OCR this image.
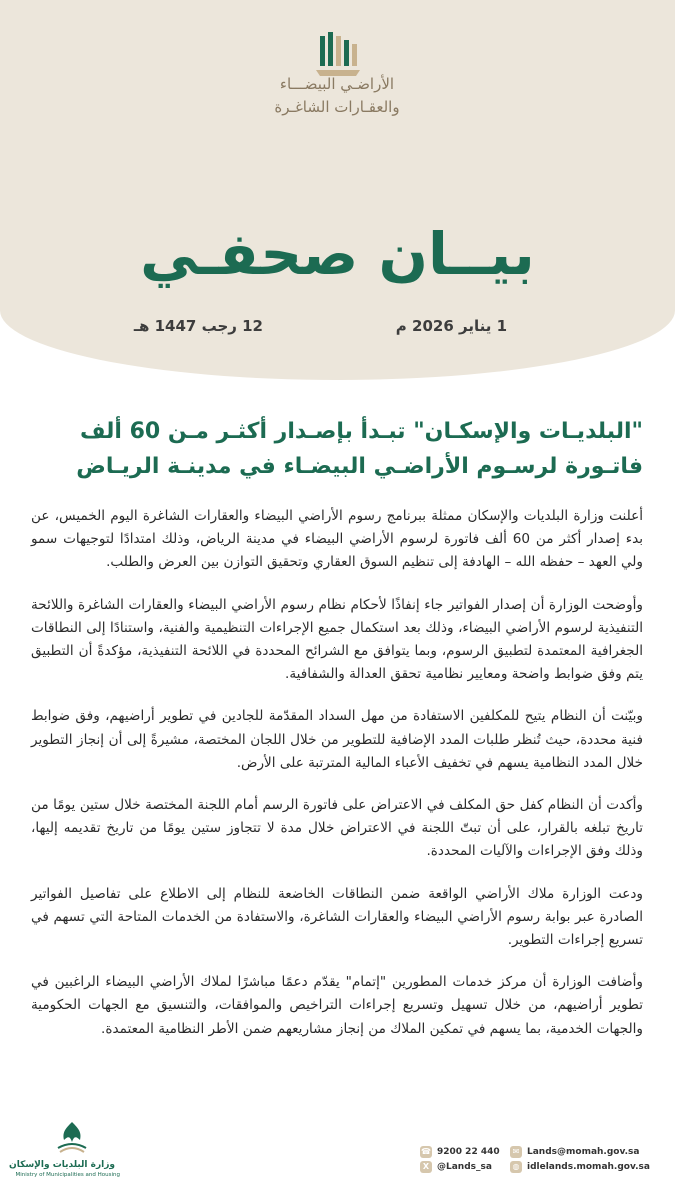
الأراضـي البيضـــاء
والعقـارات الشاغـرة
بيــان صحفـي
1 يناير 2026 م
12 رجب 1447 هـ
"البلديـات والإسكـان" تبـدأ بإصـدار أكثـر مـن 60 ألف
فاتـورة لرسـوم الأراضـي البيضـاء في مدينـة الريـاض

أعلنت وزارة البلديات والإسكان ممثلة ببرنامج رسوم الأراضي البيضاء والعقارات الشاغرة اليوم الخميس، عن بدء إصدار أكثر من 60 ألف فاتورة لرسوم الأراضي البيضاء في مدينة الرياض، وذلك امتدادًا لتوجيهات سمو ولي العهد – حفظه الله – الهادفة إلى تنظيم السوق العقاري وتحقيق التوازن بين العرض والطلب.

وأوضحت الوزارة أن إصدار الفواتير جاء إنفاذًا لأحكام نظام رسوم الأراضي البيضاء والعقارات الشاغرة واللائحة التنفيذية لرسوم الأراضي البيضاء، وذلك بعد استكمال جميع الإجراءات التنظيمية والفنية، واستنادًا إلى النطاقات الجغرافية المعتمدة لتطبيق الرسوم، وبما يتوافق مع الشرائح المحددة في اللائحة التنفيذية، مؤكدةً أن التطبيق يتم وفق ضوابط واضحة ومعايير نظامية تحقق العدالة والشفافية.

وبيّنت أن النظام يتيح للمكلفين الاستفادة من مهل السداد المقدّمة للجادين في تطوير أراضيهم، وفق ضوابط فنية محددة، حيث تُنظر طلبات المدد الإضافية للتطوير من خلال اللجان المختصة، مشيرةً إلى أن إنجاز التطوير خلال المدد النظامية يسهم في تخفيف الأعباء المالية المترتبة على الأرض.

وأكدت أن النظام كفل حق المكلف في الاعتراض على فاتورة الرسم أمام اللجنة المختصة خلال ستين يومًا من تاريخ تبلغه بالقرار، على أن تبتّ اللجنة في الاعتراض خلال مدة لا تتجاوز ستين يومًا من تاريخ تقديمه إليها، وذلك وفق الإجراءات والآليات المحددة.

ودعت الوزارة ملاك الأراضي الواقعة ضمن النطاقات الخاضعة للنظام إلى الاطلاع على تفاصيل الفواتير الصادرة عبر بوابة رسوم الأراضي البيضاء والعقارات الشاغرة، والاستفادة من الخدمات المتاحة التي تسهم في تسريع إجراءات التطوير.

وأضافت الوزارة أن مركز خدمات المطورين "إتمام" يقدّم دعمًا مباشرًا لملاك الأراضي البيضاء الراغبين في تطوير أراضيهم، من خلال تسهيل وتسريع إجراءات التراخيص والموافقات، والتنسيق مع الجهات الحكومية والجهات الخدمية، بما يسهم في تمكين الملاك من إنجاز مشاريعهم ضمن الأطر النظامية المعتمدة.

وزارة البلديات والإسكان
Ministry of Municipalities and Housing
✉ Lands@momah.gov.sa
◍ idlelands.momah.gov.sa
☎ 9200 22 440
X @Lands_sa
